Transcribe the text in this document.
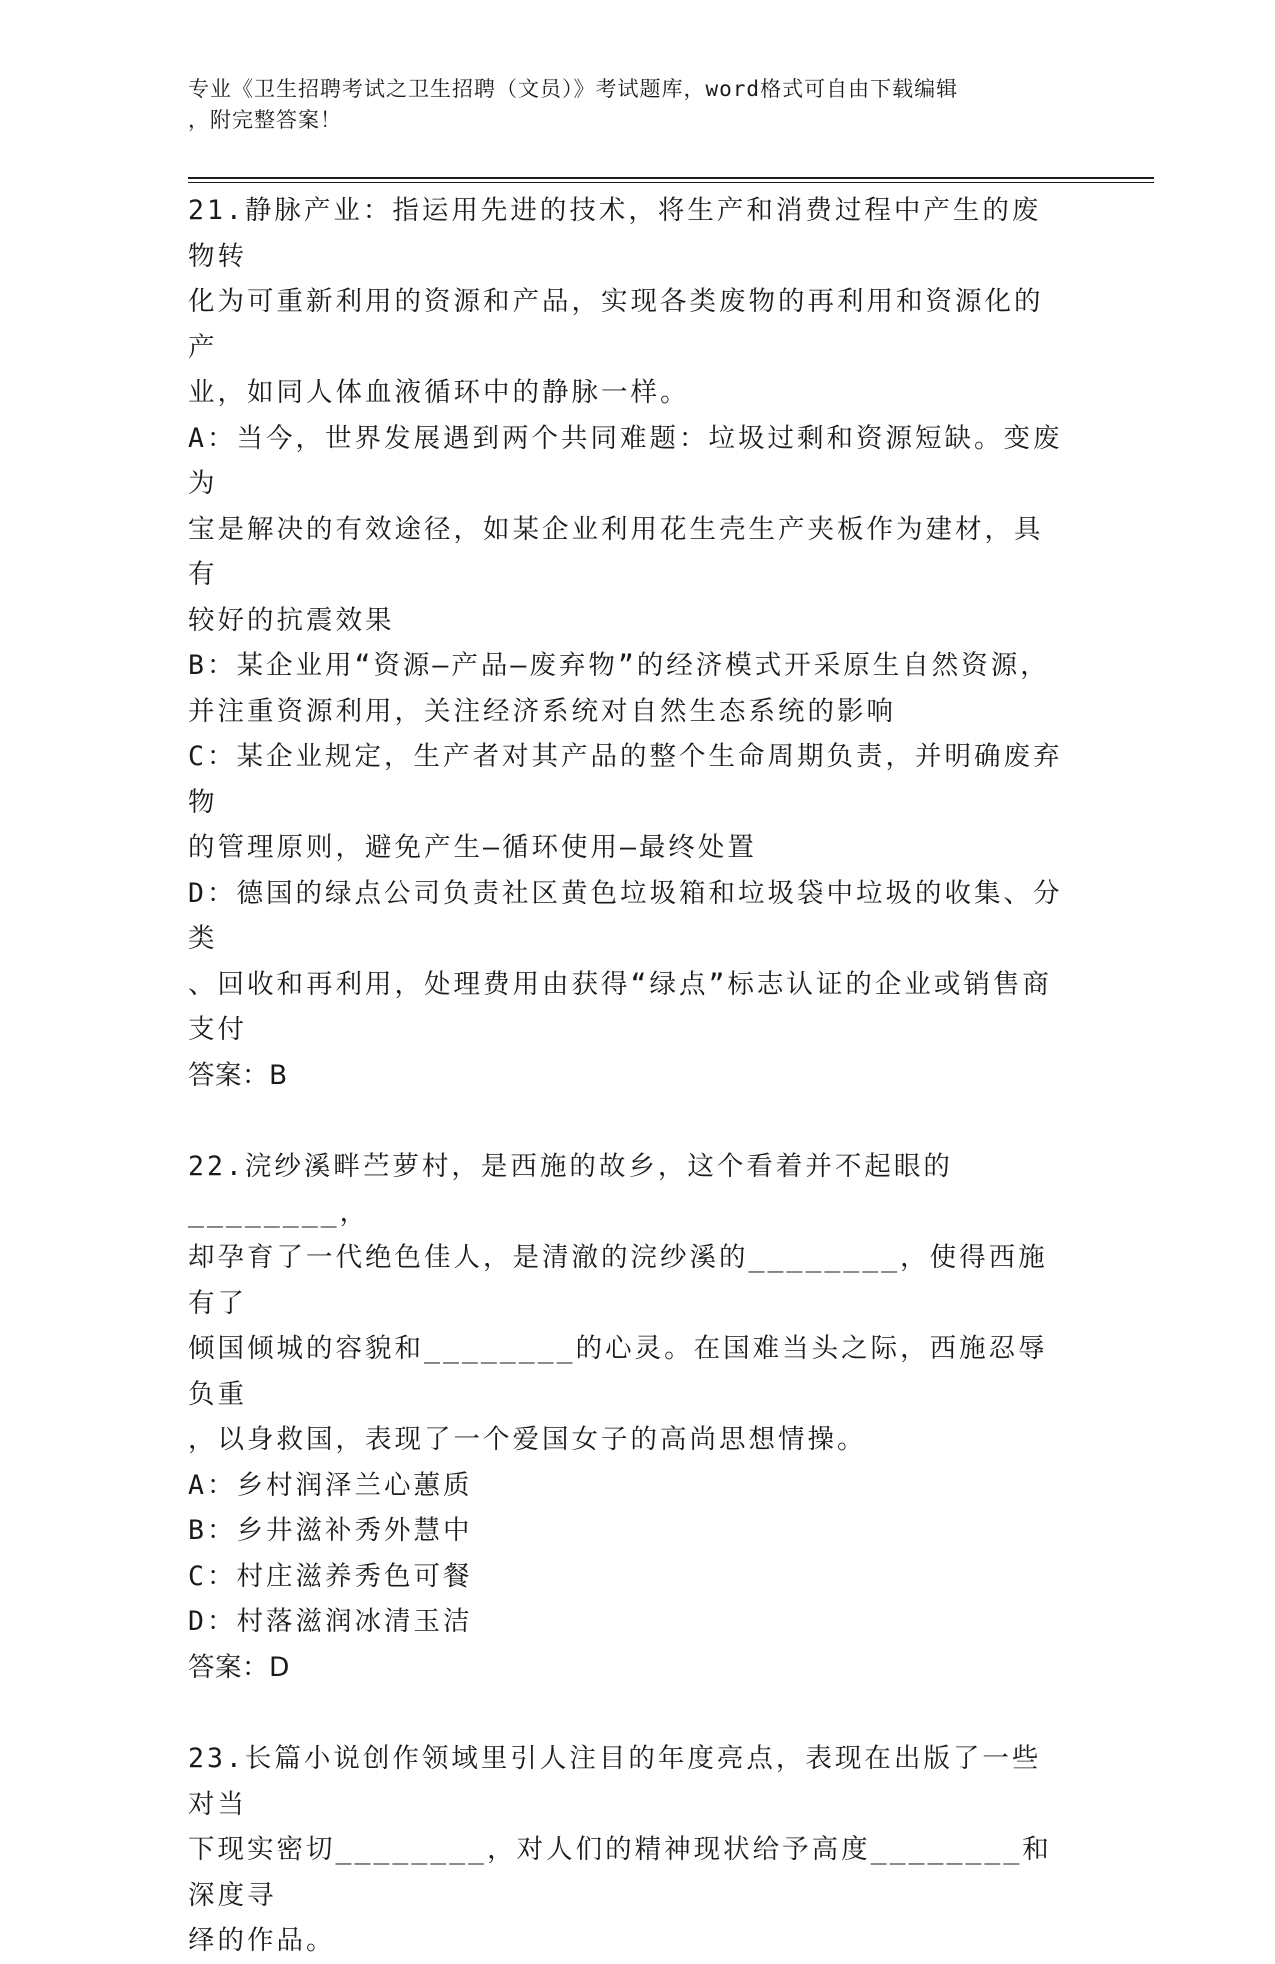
专业《卫生招聘考试之卫生招聘（文员）》考试题库，word格式可自由下载编辑
，附完整答案！

21.静脉产业：指运用先进的技术，将生产和消费过程中产生的废物转

化为可重新利用的资源和产品，实现各类废物的再利用和资源化的产

业，如同人体血液循环中的静脉一样。

A：当今，世界发展遇到两个共同难题：垃圾过剩和资源短缺。变废为

宝是解决的有效途径，如某企业利用花生壳生产夹板作为建材，具有

较好的抗震效果

B：某企业用“资源—产品—废弃物”的经济模式开采原生自然资源，

并注重资源利用，关注经济系统对自然生态系统的影响

C：某企业规定，生产者对其产品的整个生命周期负责，并明确废弃物

的管理原则，避免产生—循环使用—最终处置

D：德国的绿点公司负责社区黄色垃圾箱和垃圾袋中垃圾的收集、分类

、回收和再利用，处理费用由获得“绿点”标志认证的企业或销售商

支付

答案：B

22.浣纱溪畔苎萝村，是西施的故乡，这个看着并不起眼的________，

却孕育了一代绝色佳人，是清澈的浣纱溪的________，使得西施有了

倾国倾城的容貌和________的心灵。在国难当头之际，西施忍辱负重

，以身救国，表现了一个爱国女子的高尚思想情操。

A：乡村润泽兰心蕙质

B：乡井滋补秀外慧中

C：村庄滋养秀色可餐

D：村落滋润冰清玉洁

答案：D

23.长篇小说创作领域里引人注目的年度亮点，表现在出版了一些对当

下现实密切________，对人们的精神现状给予高度________和深度寻

绎的作品。
